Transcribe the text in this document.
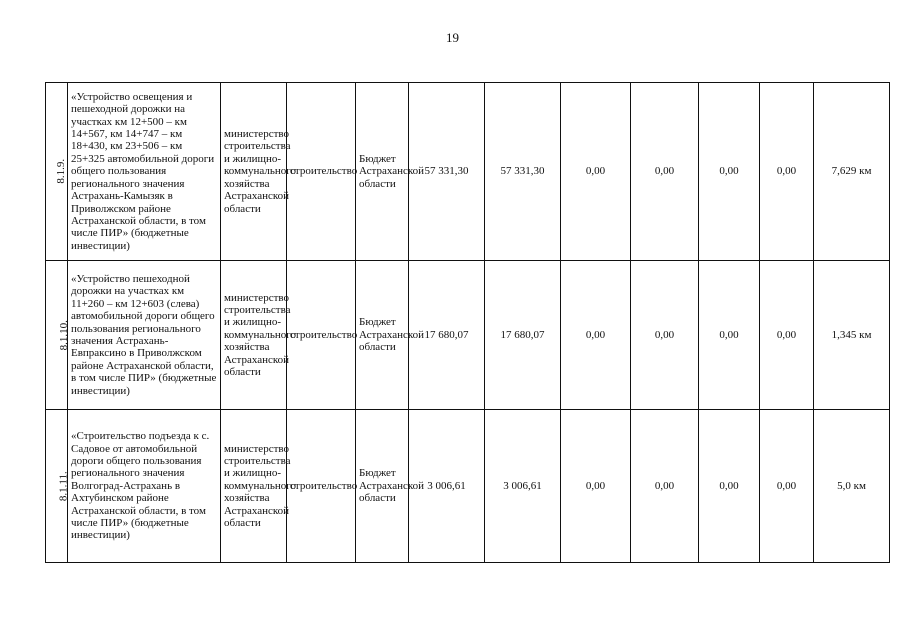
19
8.1.9.	«Устройство освещения и пешеходной дорожки на участках км 12+500 – км 14+567, км 14+747 – км 18+430, км 23+506 – км 25+325 автомобильной дороги общего пользования регионального значения Астрахань-Камызяк в Приволжском районе Астраханской области, в том числе ПИР» (бюджетные инвестиции)	министерство строительства и жилищно-коммунального хозяйства Астраханской области	строительство	Бюджет Астраханской области	57 331,30	57 331,30	0,00	0,00	0,00	0,00	7,629 км
8.1.10.	«Устройство пешеходной дорожки на участках км 11+260 – км 12+603 (слева) автомобильной дороги общего пользования регионального значения Астрахань-Евпраксино в Приволжском районе Астраханской области, в том числе ПИР» (бюджетные инвестиции)	министерство строительства и жилищно-коммунального хозяйства Астраханской области	строительство	Бюджет Астраханской области	17 680,07	17 680,07	0,00	0,00	0,00	0,00	1,345 км
8.1.11.	«Строительство подъезда к с. Садовое от автомобильной дороги общего пользования регионального значения Волгоград-Астрахань в Ахтубинском районе Астраханской области, в том числе ПИР» (бюджетные инвестиции)	министерство строительства и жилищно-коммунального хозяйства Астраханской области	строительство	Бюджет Астраханской области	3 006,61	3 006,61	0,00	0,00	0,00	0,00	5,0 км
